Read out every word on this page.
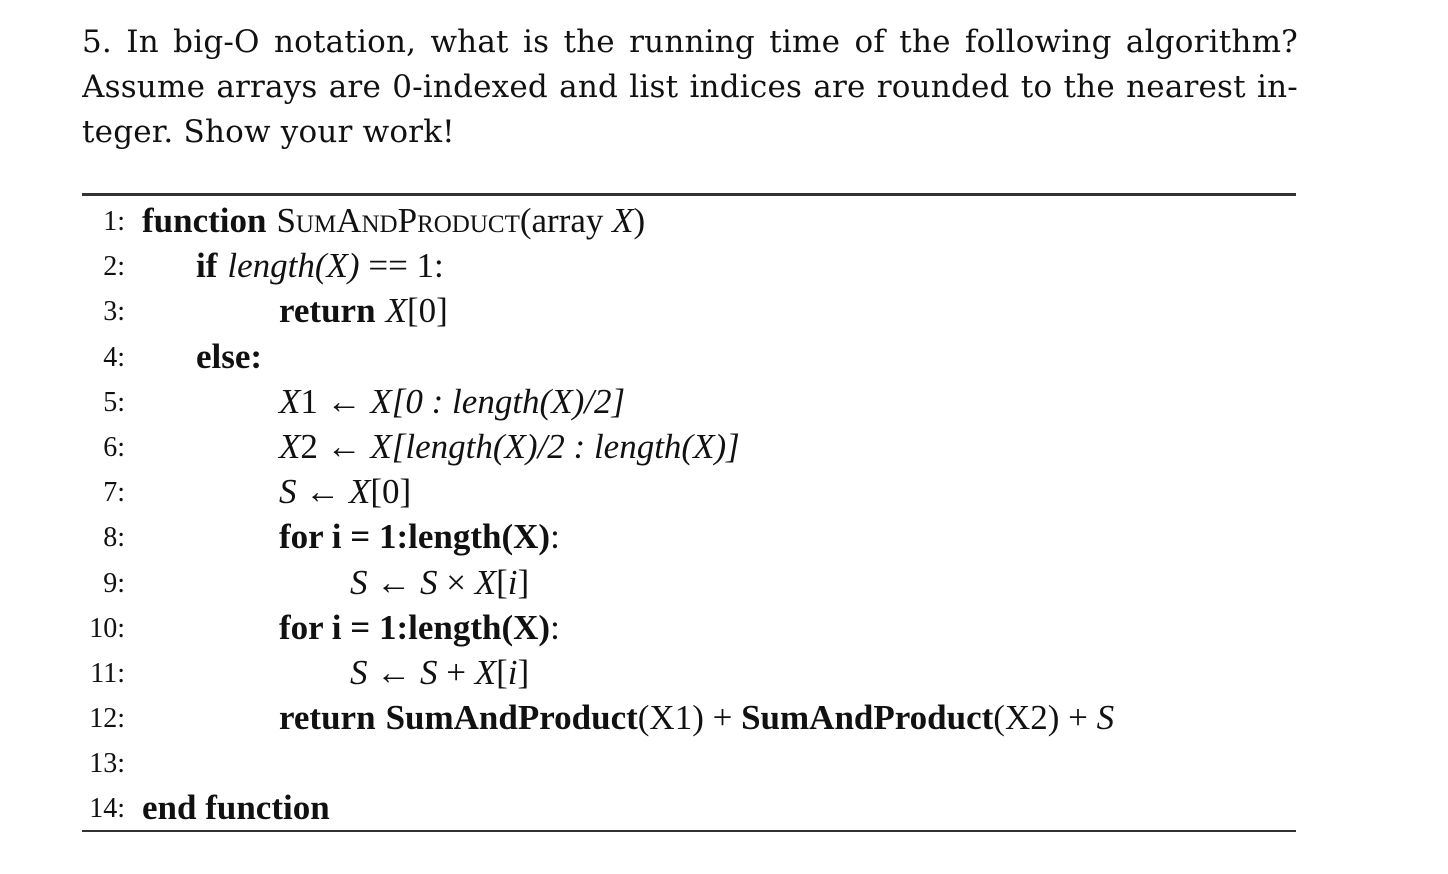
5. In big-O notation, what is the running time of the following algorithm?
Assume arrays are 0-indexed and list indices are rounded to the nearest in-
teger. Show your work!
1: function SumAndProduct(array X)
2: if length(X) == 1:
3:	return X[0]
4: else:
5:	X1 ← X[0 : length(X)/2]
6:	X2 ← X[length(X)/2 : length(X)]
7:	S ← X[0]
8:	for i = 1:length(X):
9:	S ← S × X[i]
10:	for i = 1:length(X):
11:	S ← S + X[i]
12:	return SumAndProduct(X1) + SumAndProduct(X2) + S
13:
14: end function
